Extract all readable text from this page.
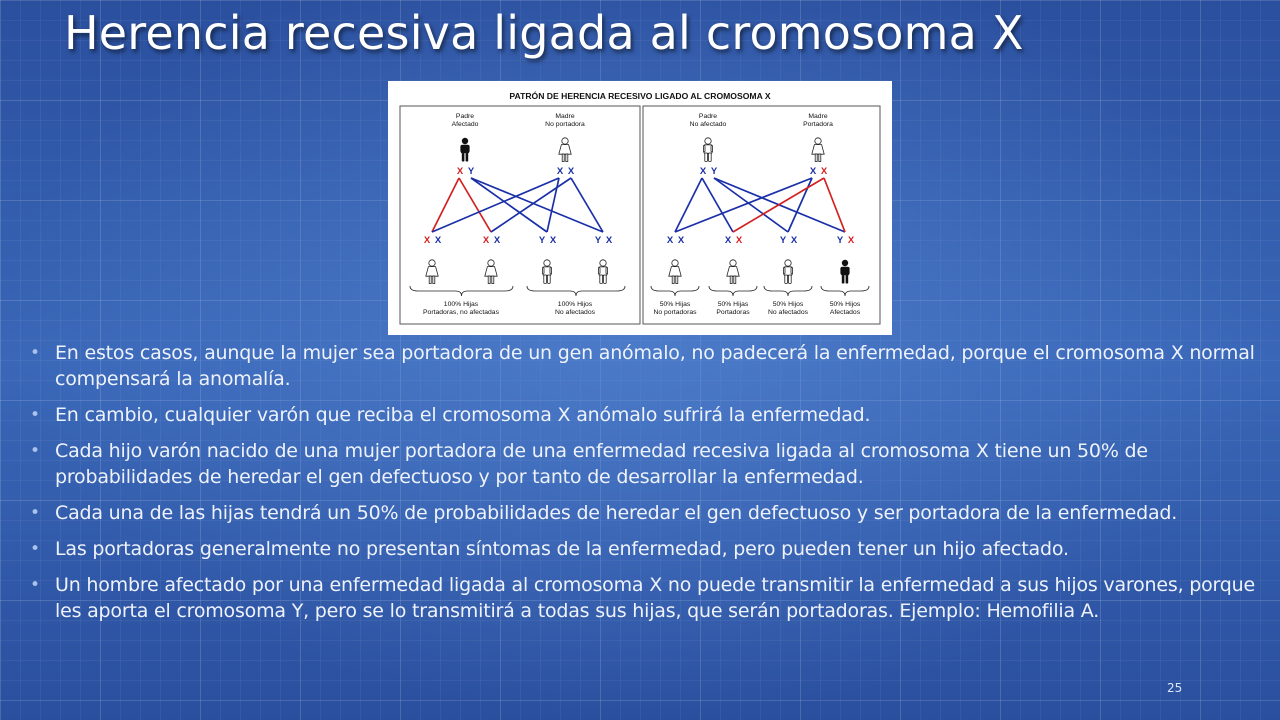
Herencia recesiva ligada al cromosoma X
PATRÓN DE HERENCIA RECESIVO LIGADO AL CROMOSOMA X
Padre
Afectado
Madre
No portadora
X Y	X X
X X	X X	Y X	Y X
100% Hijas
Portadoras, no afectadas
100% Hijos
No afectados
Padre
No afectado
Madre
Portadora
X Y	X X
X X	X X	Y X	Y X
50% Hijas
No portadoras
50% Hijas
Portadoras
50% Hijos
No afectados
50% Hijos
Afectados
• En estos casos, aunque la mujer sea portadora de un gen anómalo, no padecerá la enfermedad, porque el cromosoma X normal compensará la anomalía.
• En cambio, cualquier varón que reciba el cromosoma X anómalo sufrirá la enfermedad.
• Cada hijo varón nacido de una mujer portadora de una enfermedad recesiva ligada al cromosoma X tiene un 50% de probabilidades de heredar el gen defectuoso y por tanto de desarrollar la enfermedad.
• Cada una de las hijas tendrá un 50% de probabilidades de heredar el gen defectuoso y ser portadora de la enfermedad.
• Las portadoras generalmente no presentan síntomas de la enfermedad, pero pueden tener un hijo afectado.
• Un hombre afectado por una enfermedad ligada al cromosoma X no puede transmitir la enfermedad a sus hijos varones, porque les aporta el cromosoma Y, pero se lo transmitirá a todas sus hijas, que serán portadoras. Ejemplo: Hemofilia A.
25
